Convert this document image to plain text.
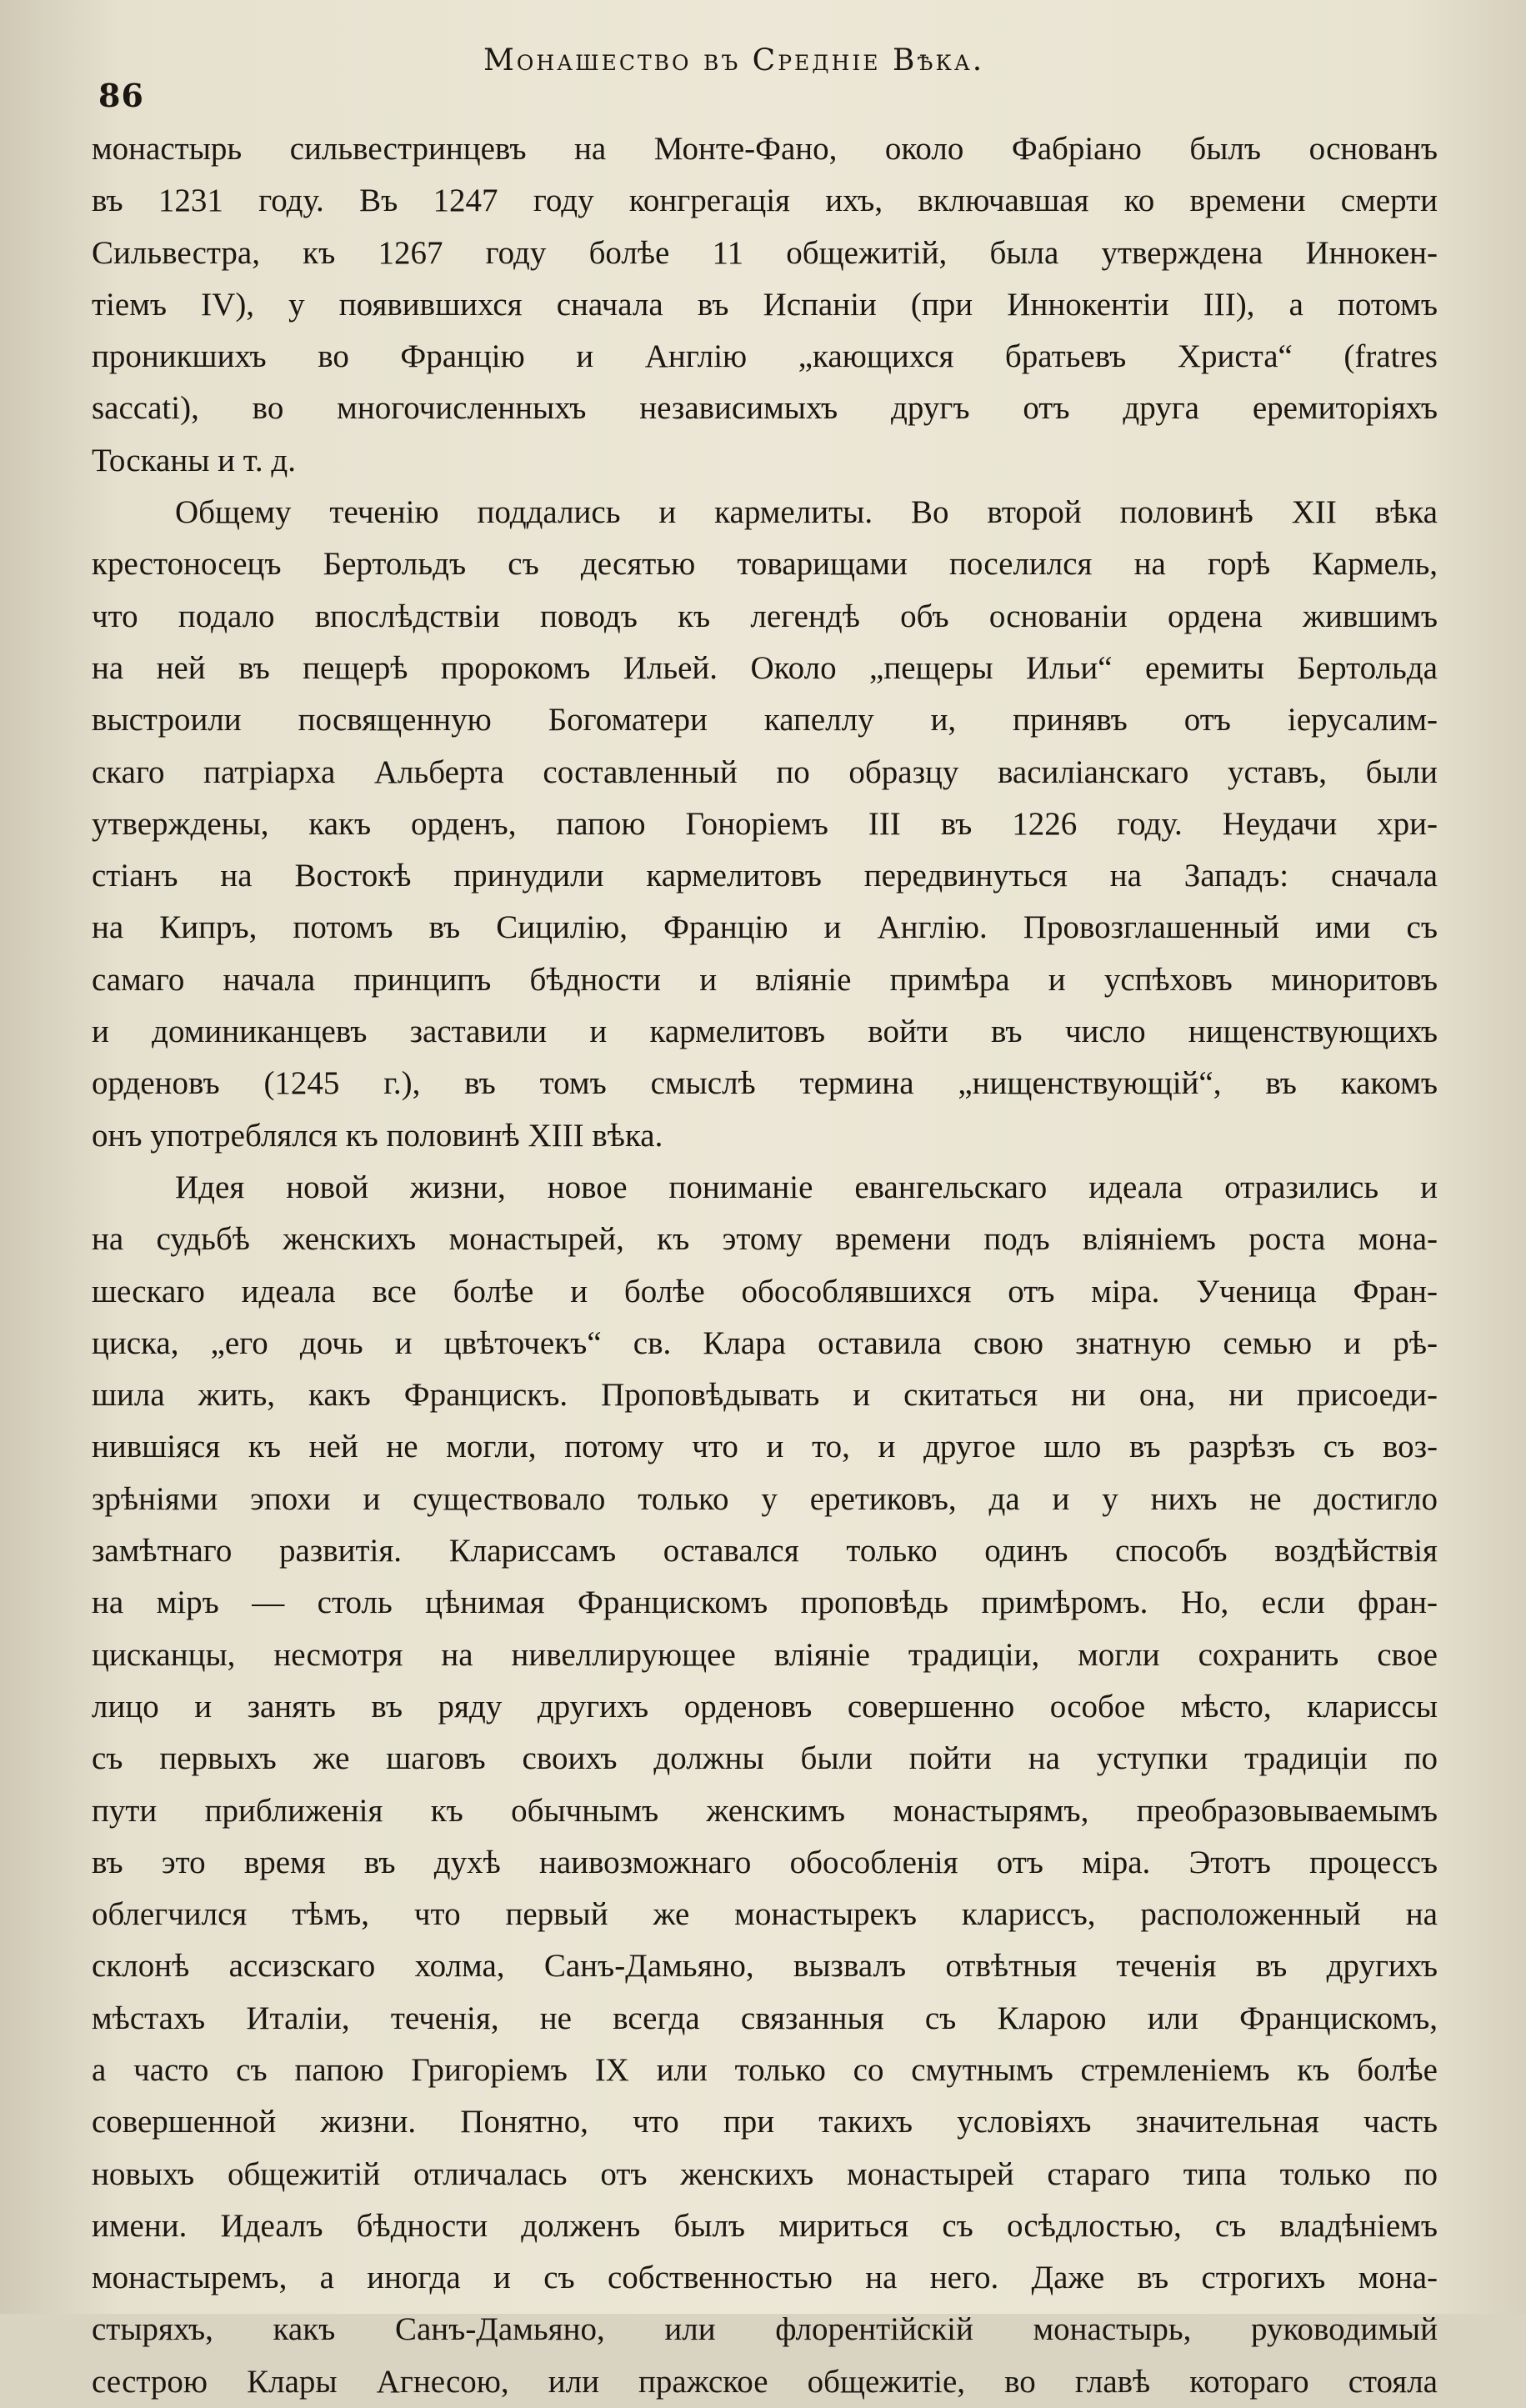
86
Монашество въ Средніе Вѣка.
монастырь сильвестринцевъ на Монте-Фано, около Фабріано былъ основанъ
въ 1231 году. Въ 1247 году конгрегація ихъ, включавшая ко времени смерти
Сильвестра, къ 1267 году болѣе 11 общежитій, была утверждена Иннокен-
тіемъ IV), у появившихся сначала въ Испаніи (при Иннокентіи III), а потомъ
проникшихъ во Францію и Англію „кающихся братьевъ Христа“ (fratres
saccati), во многочисленныхъ независимыхъ другъ отъ друга еремиторіяхъ
Тосканы и т. д.
Общему теченію поддались и кармелиты. Во второй половинѣ XII вѣка
крестоносецъ Бертольдъ съ десятью товарищами поселился на горѣ Кармель,
что подало впослѣдствіи поводъ къ легендѣ объ основаніи ордена жившимъ
на ней въ пещерѣ пророкомъ Ильей. Около „пещеры Ильи“ еремиты Бертольда
выстроили посвященную Богоматери капеллу и, принявъ отъ іерусалим-
скаго патріарха Альберта составленный по образцу василіанскаго уставъ, были
утверждены, какъ орденъ, папою Гоноріемъ III въ 1226 году. Неудачи хри-
стіанъ на Востокѣ принудили кармелитовъ передвинуться на Западъ: сначала
на Кипръ, потомъ въ Сицилію, Францію и Англію. Провозглашенный ими съ
самаго начала принципъ бѣдности и вліяніе примѣра и успѣховъ миноритовъ
и доминиканцевъ заставили и кармелитовъ войти въ число нищенствующихъ
орденовъ (1245 г.), въ томъ смыслѣ термина „нищенствующій“, въ какомъ
онъ употреблялся къ половинѣ XIII вѣка.
Идея новой жизни, новое пониманіе евангельскаго идеала отразились и
на судьбѣ женскихъ монастырей, къ этому времени подъ вліяніемъ роста мона-
шескаго идеала все болѣе и болѣе обособлявшихся отъ міра. Ученица Фран-
циска, „его дочь и цвѣточекъ“ св. Клара оставила свою знатную семью и рѣ-
шила жить, какъ Францискъ. Проповѣдывать и скитаться ни она, ни присоеди-
нившіяся къ ней не могли, потому что и то, и другое шло въ разрѣзъ съ воз-
зрѣніями эпохи и существовало только у еретиковъ, да и у нихъ не достигло
замѣтнаго развитія. Клариссамъ оставался только одинъ способъ воздѣйствія
на міръ — столь цѣнимая Францискомъ проповѣдь примѣромъ. Но, если фран-
цисканцы, несмотря на нивеллирующее вліяніе традиціи, могли сохранить свое
лицо и занять въ ряду другихъ орденовъ совершенно особое мѣсто, клариссы
съ первыхъ же шаговъ своихъ должны были пойти на уступки традиціи по
пути приближенія къ обычнымъ женскимъ монастырямъ, преобразовываемымъ
въ это время въ духѣ наивозможнаго обособленія отъ міра. Этотъ процессъ
облегчился тѣмъ, что первый же монастырекъ клариссъ, расположенный на
склонѣ ассизскаго холма, Санъ-Дамьяно, вызвалъ отвѣтныя теченія въ другихъ
мѣстахъ Италіи, теченія, не всегда связанныя съ Кларою или Францискомъ,
а часто съ папою Григоріемъ IX или только со смутнымъ стремленіемъ къ болѣе
совершенной жизни. Понятно, что при такихъ условіяхъ значительная часть
новыхъ общежитій отличалась отъ женскихъ монастырей стараго типа только по
имени. Идеалъ бѣдности долженъ былъ мириться съ осѣдлостью, съ владѣніемъ
монастыремъ, а иногда и съ собственностью на него. Даже въ строгихъ мона-
стыряхъ, какъ Санъ-Дамьяно, или флорентійскій монастырь, руководимый
сестрою Клары Агнесою, или пражское общежитіе, во главѣ котораго стояла
